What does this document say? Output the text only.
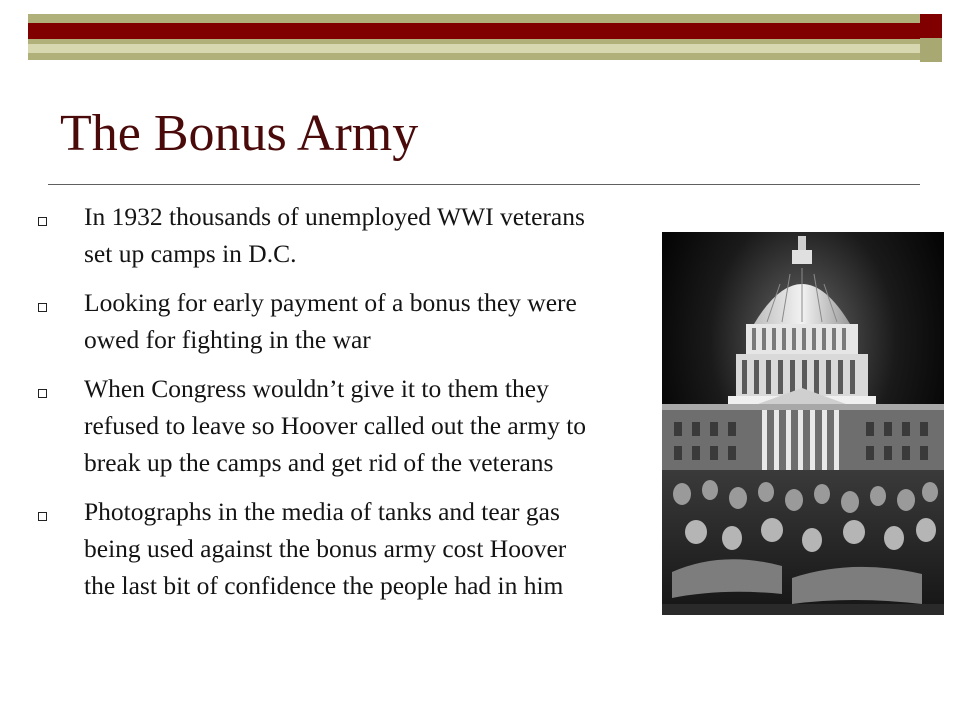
The Bonus Army
In 1932 thousands of unemployed WWI veterans set up camps in D.C.
Looking for early payment of a bonus they were owed for fighting in the war
When Congress wouldn’t give it to them they refused to leave so Hoover called out the army to break up the camps and get rid of the veterans
Photographs in the media of tanks and tear gas being used against the bonus army cost Hoover the last bit of confidence the people had in him
